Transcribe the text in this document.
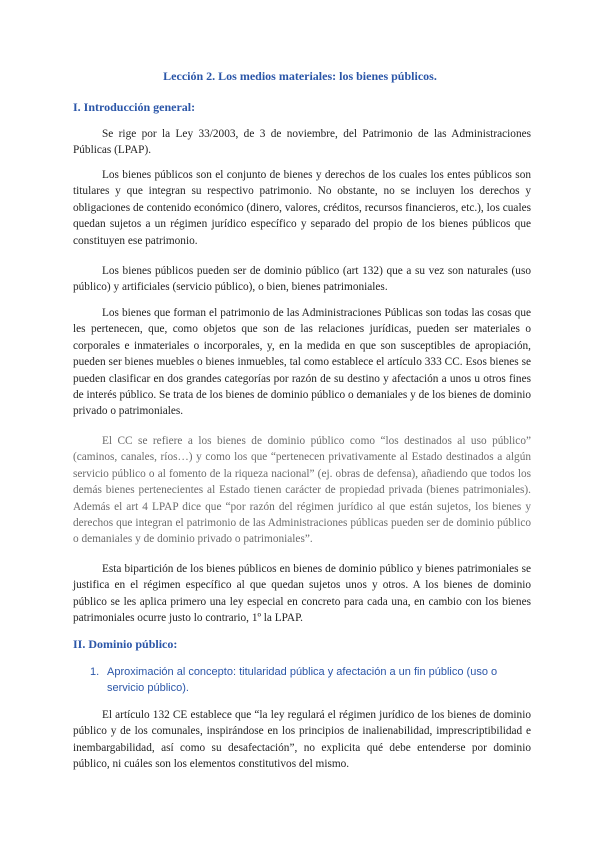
Lección 2. Los medios materiales: los bienes públicos.

I. Introducción general:

Se rige por la Ley 33/2003, de 3 de noviembre, del Patrimonio de las Administraciones Públicas (LPAP).

Los bienes públicos son el conjunto de bienes y derechos de los cuales los entes públicos son titulares y que integran su respectivo patrimonio. No obstante, no se incluyen los derechos y obligaciones de contenido económico (dinero, valores, créditos, recursos financieros, etc.), los cuales quedan sujetos a un régimen jurídico específico y separado del propio de los bienes públicos que constituyen ese patrimonio.

Los bienes públicos pueden ser de dominio público (art 132) que a su vez son naturales (uso público) y artificiales (servicio público), o bien, bienes patrimoniales.

Los bienes que forman el patrimonio de las Administraciones Públicas son todas las cosas que les pertenecen, que, como objetos que son de las relaciones jurídicas, pueden ser materiales o corporales e inmateriales o incorporales, y, en la medida en que son susceptibles de apropiación, pueden ser bienes muebles o bienes inmuebles, tal como establece el artículo 333 CC. Esos bienes se pueden clasificar en dos grandes categorías por razón de su destino y afectación a unos u otros fines de interés público. Se trata de los bienes de dominio público o demaniales y de los bienes de dominio privado o patrimoniales.

El CC se refiere a los bienes de dominio público como “los destinados al uso público” (caminos, canales, ríos…) y como los que “pertenecen privativamente al Estado destinados a algún servicio público o al fomento de la riqueza nacional” (ej. obras de defensa), añadiendo que todos los demás bienes pertenecientes al Estado tienen carácter de propiedad privada (bienes patrimoniales). Además el art 4 LPAP dice que “por razón del régimen jurídico al que están sujetos, los bienes y derechos que integran el patrimonio de las Administraciones públicas pueden ser de dominio público o demaniales y de dominio privado o patrimoniales”.

Esta bipartición de los bienes públicos en bienes de dominio público y bienes patrimoniales se justifica en el régimen específico al que quedan sujetos unos y otros. A los bienes de dominio público se les aplica primero una ley especial en concreto para cada una, en cambio con los bienes patrimoniales ocurre justo lo contrario, 1º la LPAP.

II. Dominio público:

1. Aproximación al concepto: titularidad pública y afectación a un fin público (uso o servicio público).

El artículo 132 CE establece que “la ley regulará el régimen jurídico de los bienes de dominio público y de los comunales, inspirándose en los principios de inalienabilidad, imprescriptibilidad e inembargabilidad, así como su desafectación”, no explicita qué debe entenderse por dominio público, ni cuáles son los elementos constitutivos del mismo.
